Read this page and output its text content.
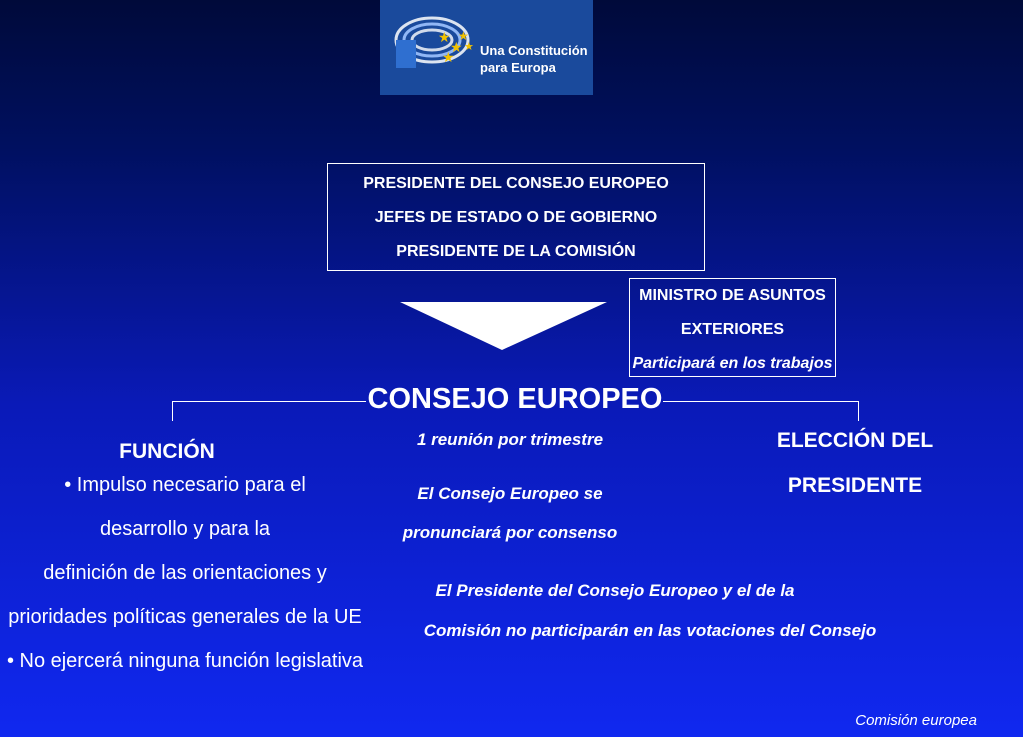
★
★
★
★
★ Una Constitución
para Europa
PRESIDENTE DEL CONSEJO EUROPEO
JEFES DE ESTADO O DE GOBIERNO
PRESIDENTE DE LA COMISIÓN
MINISTRO DE ASUNTOS
EXTERIORES
Participará en los trabajos
CONSEJO EUROPEO
1 reunión por trimestre
El Consejo Europeo se
pronunciará por consenso
FUNCIÓN
• Impulso necesario para el
desarrollo y para la
definición de las orientaciones y
prioridades políticas generales de la UE
• No ejercerá ninguna función legislativa
ELECCIÓN DEL
PRESIDENTE
El Presidente del Consejo Europeo y el de la
Comisión no participarán en las votaciones del Consejo
Comisión europea
